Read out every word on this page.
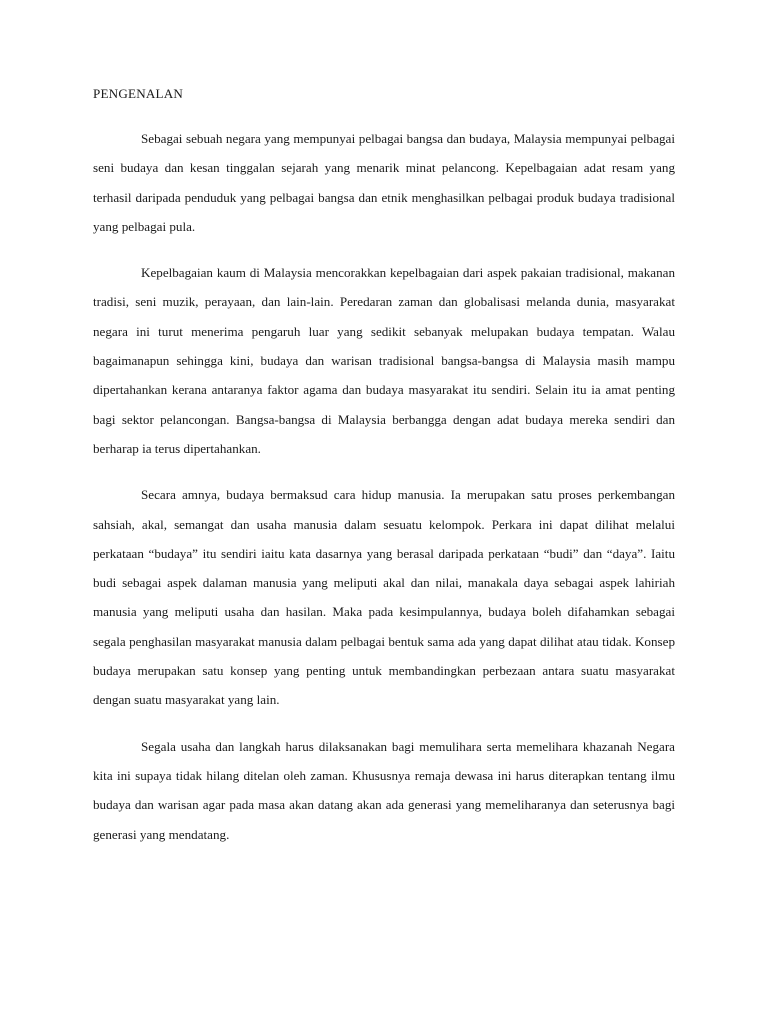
PENGENALAN

Sebagai sebuah negara yang mempunyai pelbagai bangsa dan budaya, Malaysia mempunyai pelbagai seni budaya dan kesan tinggalan sejarah yang menarik minat pelancong. Kepelbagaian adat resam yang terhasil daripada penduduk yang pelbagai bangsa dan etnik menghasilkan pelbagai produk budaya tradisional yang pelbagai pula.

Kepelbagaian kaum di Malaysia mencorakkan kepelbagaian dari aspek pakaian tradisional, makanan tradisi, seni muzik, perayaan, dan lain-lain. Peredaran zaman dan globalisasi melanda dunia, masyarakat negara ini turut menerima pengaruh luar yang sedikit sebanyak melupakan budaya tempatan. Walau bagaimanapun sehingga kini, budaya dan warisan tradisional bangsa-bangsa di Malaysia masih mampu dipertahankan kerana antaranya faktor agama dan budaya masyarakat itu sendiri. Selain itu ia amat penting bagi sektor pelancongan. Bangsa-bangsa di Malaysia berbangga dengan adat budaya mereka sendiri dan berharap ia terus dipertahankan.

Secara amnya, budaya bermaksud cara hidup manusia. Ia merupakan satu proses perkembangan sahsiah, akal, semangat dan usaha manusia dalam sesuatu kelompok. Perkara ini dapat dilihat melalui perkataan “budaya” itu sendiri iaitu kata dasarnya yang berasal daripada perkataan “budi” dan “daya”. Iaitu budi sebagai aspek dalaman manusia yang meliputi akal dan nilai, manakala daya sebagai aspek lahiriah manusia yang meliputi usaha dan hasilan. Maka pada kesimpulannya, budaya boleh difahamkan sebagai segala penghasilan masyarakat manusia dalam pelbagai bentuk sama ada yang dapat dilihat atau tidak. Konsep budaya merupakan satu konsep yang penting untuk membandingkan perbezaan antara suatu masyarakat dengan suatu masyarakat yang lain.

Segala usaha dan langkah harus dilaksanakan bagi memulihara serta memelihara khazanah Negara kita ini supaya tidak hilang ditelan oleh zaman. Khususnya remaja dewasa ini harus diterapkan tentang ilmu budaya dan warisan agar pada masa akan datang akan ada generasi yang memeliharanya dan seterusnya bagi generasi yang mendatang.
